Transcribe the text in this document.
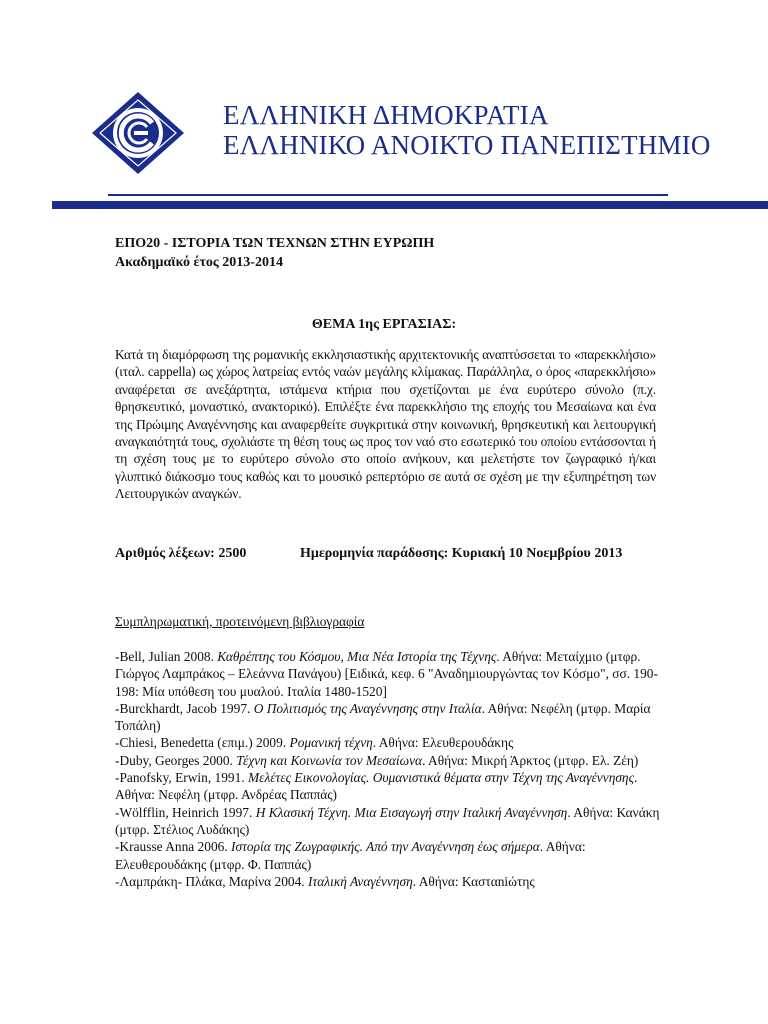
ΕΛΛΗΝΙΚΗ ΔΗΜΟΚΡΑΤΙΑ
ΕΛΛΗΝΙΚΟ ΑΝΟΙΚΤΟ ΠΑΝΕΠΙΣΤΗΜΙΟ
ΕΠΟ20 - ΙΣΤΟΡΙΑ ΤΩΝ ΤΕΧΝΩΝ ΣΤΗΝ ΕΥΡΩΠΗ
Ακαδημαϊκό έτος 2013-2014
ΘΕΜΑ 1ης ΕΡΓΑΣΙΑΣ:
Κατά τη διαμόρφωση της ρομανικής εκκλησιαστικής αρχιτεκτονικής αναπτύσσεται το «παρεκκλήσιο» (ιταλ. cappella) ως χώρος λατρείας εντός ναών μεγάλης κλίμακας. Παράλληλα, ο όρος «παρεκκλήσιο» αναφέρεται σε ανεξάρτητα, ιστάμενα κτήρια που σχετίζονται με ένα ευρύτερο σύνολο (π.χ. θρησκευτικό, μοναστικό, ανακτορικό). Επιλέξτε ένα παρεκκλήσιο της εποχής του Μεσαίωνα και ένα της Πρώιμης Αναγέννησης και αναφερθείτε συγκριτικά στην κοινωνική, θρησκευτική και λειτουργική αναγκαιότητά τους, σχολιάστε τη θέση τους ως προς τον ναό στο εσωτερικό του οποίου εντάσσονται ή τη σχέση τους με το ευρύτερο σύνολο στο οποίο ανήκουν, και μελετήστε τον ζωγραφικό ή/και γλυπτικό διάκοσμο τους καθώς και το μουσικό ρεπερτόριο σε αυτά σε σχέση με την εξυπηρέτηση των Λειτουργικών αναγκών.
Αριθμός λέξεων: 2500	Ημερομηνία παράδοσης: Κυριακή 10 Νοεμβρίου 2013
Συμπληρωματική, προτεινόμενη βιβλιογραφία

-Bell, Julian 2008. Καθρέπτης του Κόσμου, Μια Νέα Ιστορία της Τέχνης. Αθήνα: Μεταίχμιο (μτφρ. Γιώργος Λαμπράκος – Ελεάννα Πανάγου) [Ειδικά, κεφ. 6 "Αναδημιουργώντας τον Κόσμο", σσ. 190-198: Μία υπόθεση του μυαλού. Ιταλία 1480-1520]

-Burckhardt, Jacob 1997. Ο Πολιτισμός της Αναγέννησης στην Ιταλία. Αθήνα: Νεφέλη (μτφρ. Μαρία Τοπάλη)

-Chiesi, Benedetta (επιμ.) 2009. Ρομανική τέχνη. Αθήνα: Ελευθερουδάκης

-Duby, Georges 2000. Τέχνη και Κοινωνία τον Μεσαίωνα. Αθήνα: Μικρή Άρκτος (μτφρ. Ελ. Ζέη)

-Panofsky, Erwin, 1991. Μελέτες Εικονολογίας. Ουμανιστικά θέματα στην Τέχνη της Αναγέννησης. Αθήνα: Νεφέλη (μτφρ. Ανδρέας Παππάς)

-Wölfflin, Heinrich 1997. Η Κλασική Τέχνη. Μια Εισαγωγή στην Ιταλική Αναγέννηση. Αθήνα: Κανάκη (μτφρ. Στέλιος Λυδάκης)

-Krausse Anna 2006. Ιστορία της Ζωγραφικής. Από την Αναγέννηση έως σήμερα. Αθήνα: Ελευθερουδάκης (μτφρ. Φ. Παππάς)

-Λαμπράκη- Πλάκα, Μαρίνα 2004. Ιταλική Αναγέννηση. Αθήνα: Κασταniώτης
